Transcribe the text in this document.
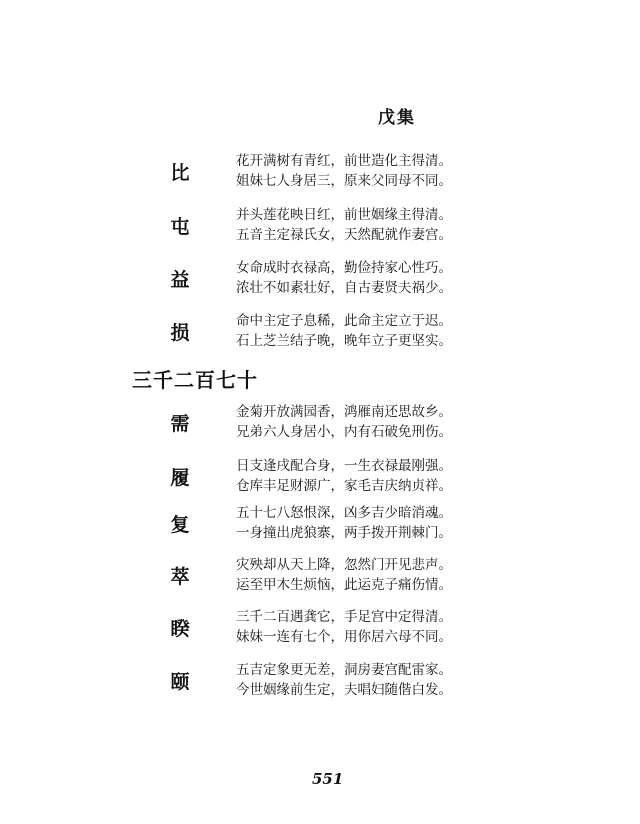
戊集
比
花开满树有青红，前世造化主得清。
姐妹七人身居三，原来父同母不同。
屯
并头莲花映日红，前世姻缘主得清。
五音主定禄氏女，天然配就作妻宫。
益
女命成时衣禄高，勤俭持家心性巧。
浓壮不如素壮好，自古妻贤夫祸少。
损
命中主定子息稀，此命主定立于迟。
石上芝兰结子晚，晚年立子更坚实。
三千二百七十
需
金菊开放满园香，鸿雁南还思故乡。
兄弟六人身居小，内有石破免刑伤。
履
日支逢戌配合身，一生衣禄最刚强。
仓库丰足财源广，家毛吉庆纳贞祥。
复
五十七八怒恨深，凶多吉少暗消魂。
一身撞出虎狼寨，两手拨开荆棘门。
萃
灾殃却从天上降，忽然门开见悲声。
运至甲木生烦恼，此运克子痛伤情。
睽
三千二百遇龚它，手足宫中定得清。
妹妹一连有七个，用你居六母不同。
颐
五吉定象更无差，洞房妻宫配雷家。
今世姻缘前生定，夫唱妇随偕白发。
551
